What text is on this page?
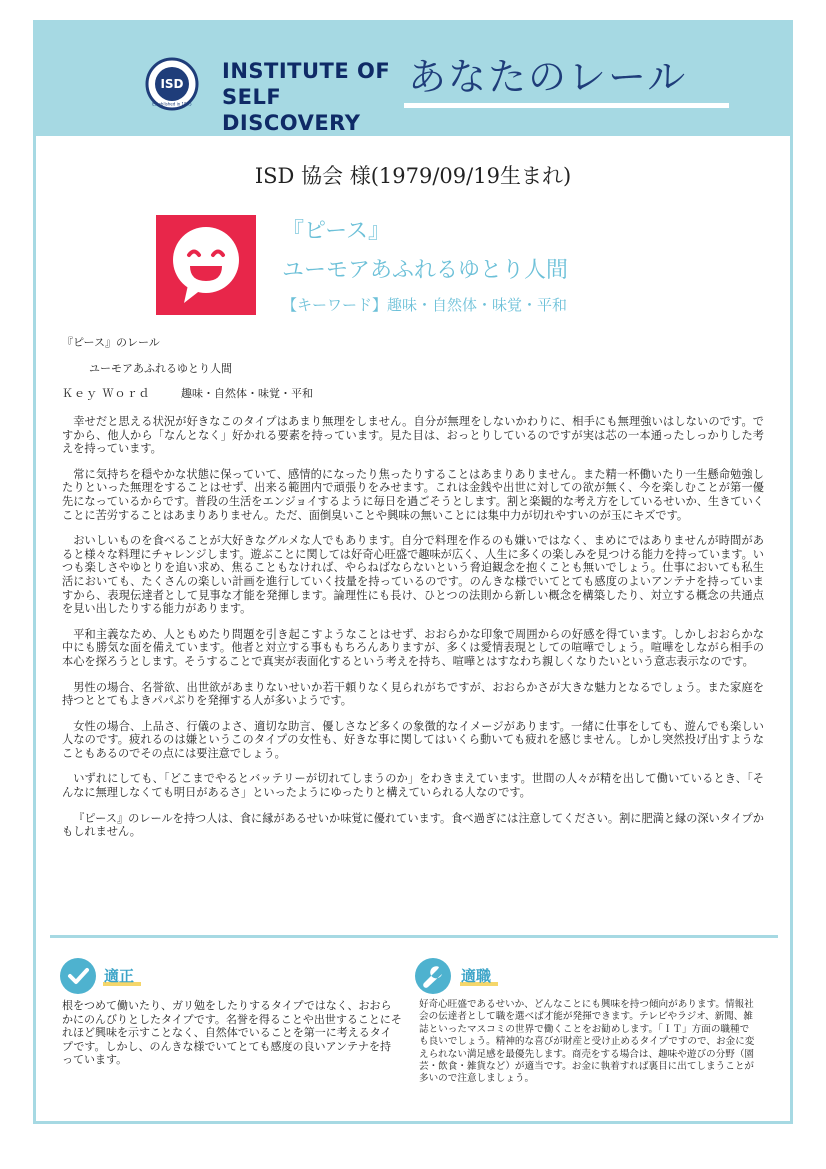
ISD
Established in 1995
INSTITUTE OF
SELF DISCOVERY
あなたのレール
ISD 協会 様(1979/09/19生まれ)
『ピース』
ユーモアあふれるゆとり人間
【キーワード】趣味・自然体・味覚・平和
『ピース』のレール
ユーモアあふれるゆとり人間
Ｋｅｙ Ｗｏｒｄ	趣味・自然体・味覚・平和

幸せだと思える状況が好きなこのタイプはあまり無理をしません。自分が無理をしないかわりに、相手にも無理強いはしないのです。ですから、他人から「なんとなく」好かれる要素を持っています。見た目は、おっとりしているのですが実は芯の一本通ったしっかりした考えを持っています。

常に気持ちを穏やかな状態に保っていて、感情的になったり焦ったりすることはあまりありません。また精一杯働いたり一生懸命勉強したりといった無理をすることはせず、出来る範囲内で頑張りをみせます。これは金銭や出世に対しての欲が無く、今を楽しむことが第一優先になっているからです。普段の生活をエンジョイするように毎日を過ごそうとします。割と楽観的な考え方をしているせいか、生きていくことに苦労することはあまりありません。ただ、面倒臭いことや興味の無いことには集中力が切れやすいのが玉にキズです。

おいしいものを食べることが大好きなグルメな人でもあります。自分で料理を作るのも嫌いではなく、まめにではありませんが時間があると様々な料理にチャレンジします。遊ぶことに関しては好奇心旺盛で趣味が広く、人生に多くの楽しみを見つける能力を持っています。いつも楽しさやゆとりを追い求め、焦ることもなければ、やらねばならないという脅迫観念を抱くことも無いでしょう。仕事においても私生活においても、たくさんの楽しい計画を進行していく技量を持っているのです。のんきな様でいてとても感度のよいアンテナを持っていますから、表現伝達者として見事な才能を発揮します。論理性にも長け、ひとつの法則から新しい概念を構築したり、対立する概念の共通点を見い出したりする能力があります。

平和主義なため、人ともめたり問題を引き起こすようなことはせず、おおらかな印象で周囲からの好感を得ています。しかしおおらかな中にも勝気な面を備えています。他者と対立する事ももちろんありますが、多くは愛情表現としての喧嘩でしょう。喧嘩をしながら相手の本心を探ろうとします。そうすることで真実が表面化するという考えを持ち、喧嘩とはすなわち親しくなりたいという意志表示なのです。

男性の場合、名誉欲、出世欲があまりないせいか若干頼りなく見られがちですが、おおらかさが大きな魅力となるでしょう。また家庭を持つととてもよきパパぶりを発揮する人が多いようです。

女性の場合、上品さ、行儀のよさ、適切な助言、優しさなど多くの象徴的なイメージがあります。一緒に仕事をしても、遊んでも楽しい人なのです。疲れるのは嫌というこのタイプの女性も、好きな事に関してはいくら動いても疲れを感じません。しかし突然投げ出すようなこともあるのでその点には要注意でしょう。

いずれにしても、「どこまでやるとバッテリーが切れてしまうのか」をわきまえています。世間の人々が精を出して働いているとき、「そんなに無理しなくても明日があるさ」といったようにゆったりと構えていられる人なのです。

『ピース』のレールを持つ人は、食に縁があるせいか味覚に優れています。食べ過ぎには注意してください。割に肥満と縁の深いタイプかもしれません。

適正
根をつめて働いたり、ガリ勉をしたりするタイプではなく、おおらかにのんびりとしたタイプです。名誉を得ることや出世することにそれほど興味を示すことなく、自然体でいることを第一に考えるタイプです。しかし、のんきな様でいてとても感度の良いアンテナを持っています。
適職
好奇心旺盛であるせいか、どんなことにも興味を持つ傾向があります。情報社会の伝達者として職を選べば才能が発揮できます。テレビやラジオ、新聞、雑誌といったマスコミの世界で働くことをお勧めします。「ＩＴ」方面の職種でも良いでしょう。精神的な喜びが財産と受け止めるタイプですので、お金に変えられない満足感を最優先します。商売をする場合は、趣味や遊びの分野（園芸・飲食・雑貨など）が適当です。お金に執着すれば裏目に出てしまうことが多いので注意しましょう。
